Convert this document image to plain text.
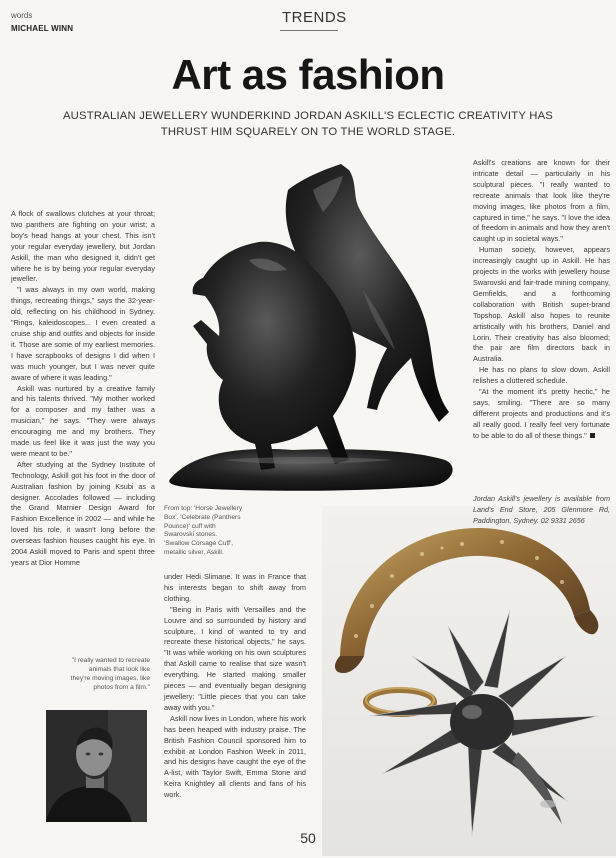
words
MICHAEL WINN
TRENDS
Art as fashion
AUSTRALIAN JEWELLERY WUNDERKIND JORDAN ASKILL'S ECLECTIC CREATIVITY HAS THRUST HIM SQUARELY ON TO THE WORLD STAGE.

A flock of swallows clutches at your throat; two panthers are fighting on your wrist; a boy's head hangs at your chest. This isn't your regular everyday jewellery, but Jordan Askill, the man who designed it, didn't get where he is by being your regular everyday jeweller.

"I was always in my own world, making things, recreating things," says the 32-year-old, reflecting on his childhood in Sydney. "Rings, kaleidoscopes... I even created a cruise ship and outfits and objects for inside it. Those are some of my earliest memories. I have scrapbooks of designs I did when I was much younger, but I was never quite aware of where it was leading."

Askill was nurtured by a creative family and his talents thrived. "My mother worked for a composer and my father was a musician," he says. "They were always encouraging me and my brothers. They made us feel like it was just the way you were meant to be."

After studying at the Sydney Institute of Technology, Askill got his foot in the door of Australian fashion by joining Ksubi as a designer. Accolades followed — including the Grand Marnier Design Award for Fashion Excellence in 2002 — and while he loved his role, it wasn't long before the overseas fashion houses caught his eye. In 2004 Askill moved to Paris and spent three years at Dior Homme

From top: 'Horse Jewellery Box'. 'Celebrate (Panthers Pounce)' cuff with Swarovski stones. 'Swallow Corsage Cuff', metallic silver, Askill.

under Hedi Slimane. It was in France that his interests began to shift away from clothing.

"Being in Paris with Versailles and the Louvre and so surrounded by history and sculpture, I kind of wanted to try and recreate these historical objects," he says. "It was while working on his own sculptures that Askill came to realise that size wasn't everything. He started making smaller pieces — and eventually began designing jewellery: "Little pieces that you can take away with you."

Askill now lives in London, where his work has been heaped with industry praise. The British Fashion Council sponsored him to exhibit at London Fashion Week in 2011, and his designs have caught the eye of the A-list, with Taylor Swift, Emma Stone and Keira Knightley all clients and fans of his work.

Askill's creations are known for their intricate detail — particularly in his sculptural pieces. "I really wanted to recreate animals that look like they're moving images, like photos from a film, captured in time," he says. "I love the idea of freedom in animals and how they aren't caught up in societal ways."

Human society, however, appears increasingly caught up in Askill. He has projects in the works with jewellery house Swarovski and fair-trade mining company, Gemfields, and a forthcoming collaboration with British super-brand Topshop. Askill also hopes to reunite artistically with his brothers, Daniel and Lorin. Their creativity has also bloomed; the pair are film directors back in Australia.

He has no plans to slow down. Askill relishes a cluttered schedule.

"At the moment it's pretty hectic," he says, smiling. "There are so many different projects and productions and it's all really good. I really feel very fortunate to be able to do all of these things."

Jordan Askill's jewellery is available from Land's End Store, 205 Glenmore Rd, Paddington, Sydney. 02 9331 2656
"I really wanted to recreate animals that look like they're moving images, like photos from a film."
50
